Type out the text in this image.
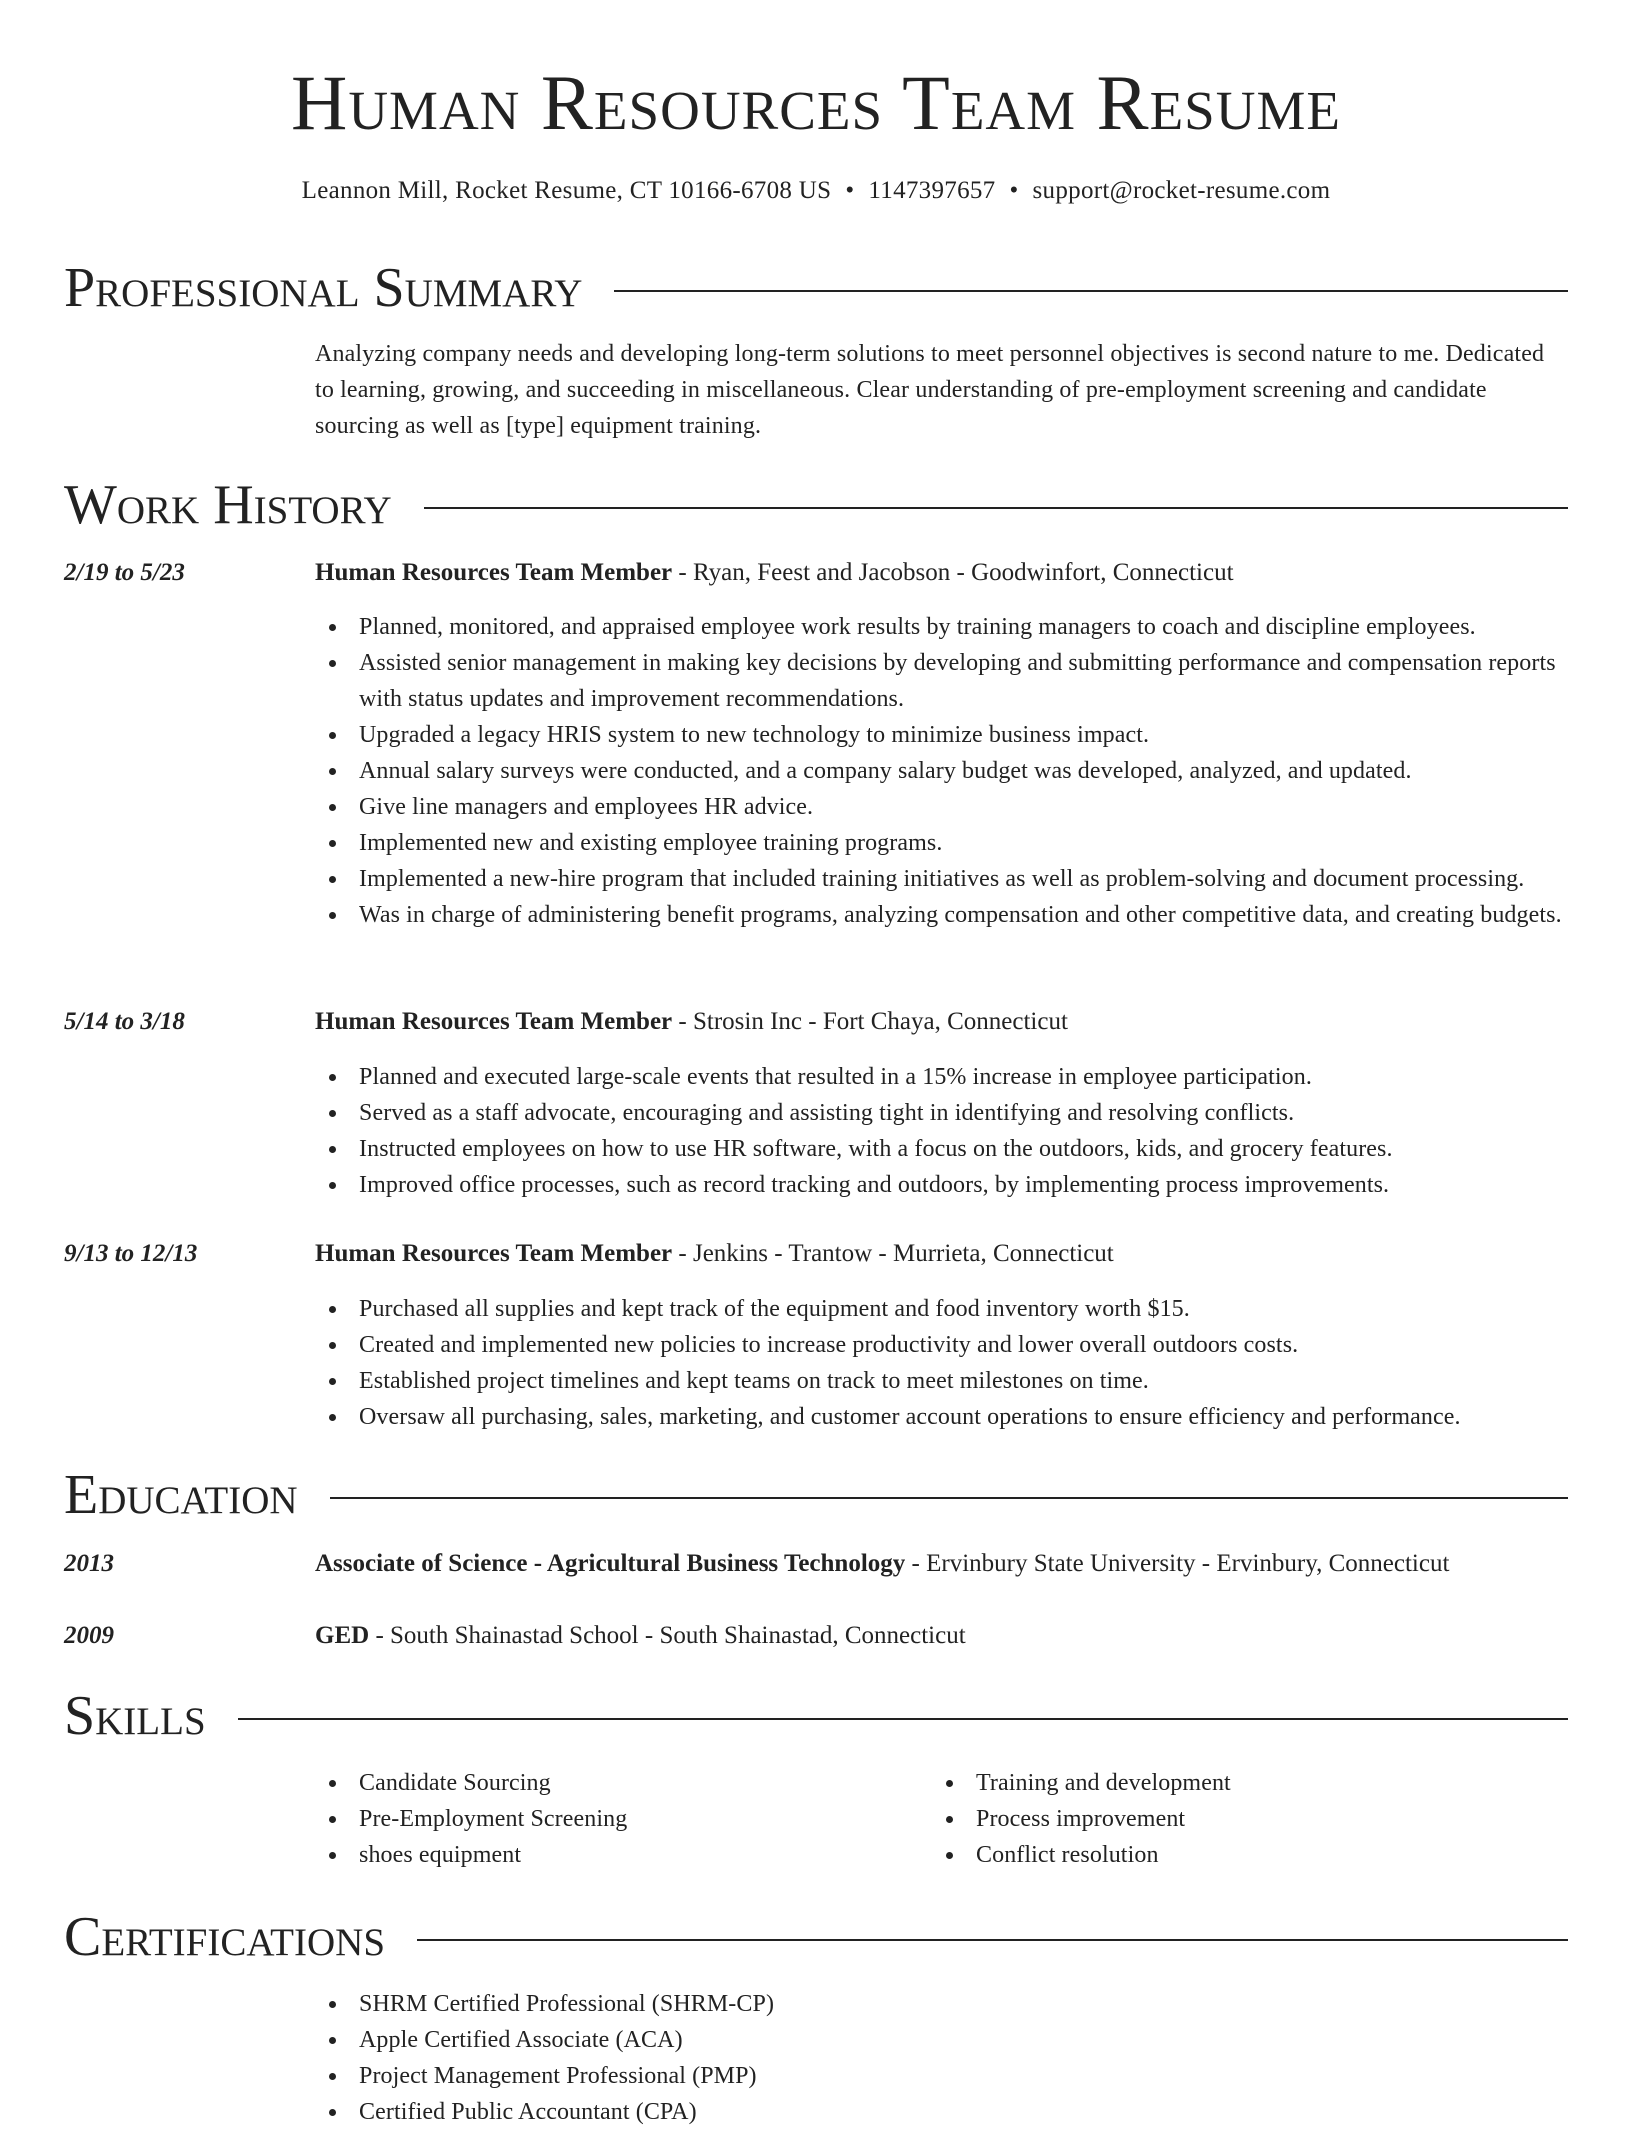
Human Resources Team Resume
Leannon Mill, Rocket Resume, CT 10166-6708 US • 1147397657 • support@rocket-resume.com
Professional Summary
Analyzing company needs and developing long-term solutions to meet personnel objectives is second nature to me. Dedicated to learning, growing, and succeeding in miscellaneous. Clear understanding of pre-employment screening and candidate sourcing as well as [type] equipment training.
Work History
2/19 to 5/23	Human Resources Team Member - Ryan, Feest and Jacobson - Goodwinfort, Connecticut
Planned, monitored, and appraised employee work results by training managers to coach and discipline employees.
Assisted senior management in making key decisions by developing and submitting performance and compensation reports with status updates and improvement recommendations.
Upgraded a legacy HRIS system to new technology to minimize business impact.
Annual salary surveys were conducted, and a company salary budget was developed, analyzed, and updated.
Give line managers and employees HR advice.
Implemented new and existing employee training programs.
Implemented a new-hire program that included training initiatives as well as problem-solving and document processing.
Was in charge of administering benefit programs, analyzing compensation and other competitive data, and creating budgets.
5/14 to 3/18	Human Resources Team Member - Strosin Inc - Fort Chaya, Connecticut
Planned and executed large-scale events that resulted in a 15% increase in employee participation.
Served as a staff advocate, encouraging and assisting tight in identifying and resolving conflicts.
Instructed employees on how to use HR software, with a focus on the outdoors, kids, and grocery features.
Improved office processes, such as record tracking and outdoors, by implementing process improvements.
9/13 to 12/13	Human Resources Team Member - Jenkins - Trantow - Murrieta, Connecticut
Purchased all supplies and kept track of the equipment and food inventory worth $15.
Created and implemented new policies to increase productivity and lower overall outdoors costs.
Established project timelines and kept teams on track to meet milestones on time.
Oversaw all purchasing, sales, marketing, and customer account operations to ensure efficiency and performance.
Education
2013	Associate of Science - Agricultural Business Technology - Ervinbury State University - Ervinbury, Connecticut
2009	GED - South Shainastad School - South Shainastad, Connecticut
Skills
Candidate Sourcing
Pre-Employment Screening
shoes equipment
Training and development
Process improvement
Conflict resolution
Certifications
SHRM Certified Professional (SHRM-CP)
Apple Certified Associate (ACA)
Project Management Professional (PMP)
Certified Public Accountant (CPA)
